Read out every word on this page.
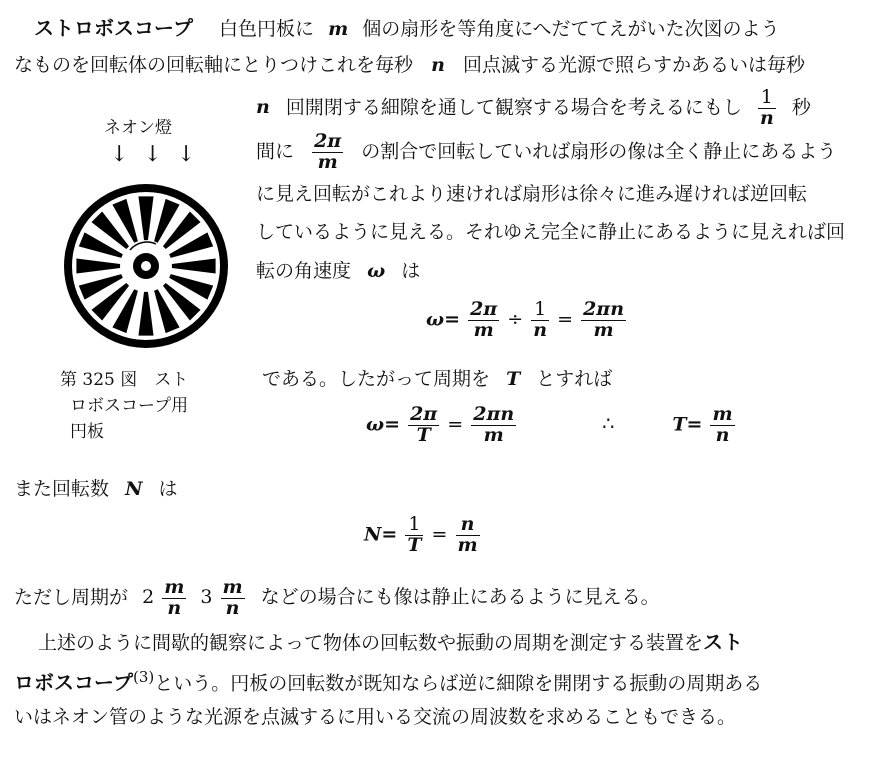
ストロボスコープ 白色円板に m 個の扇形を等角度にへだててえがいた次図のよう
なものを回転体の回転軸にとりつけこれを毎秒 n 回点滅する光源で照らすかあるいは毎秒
n 回開閉する細隙を通して観察する場合を考えるにもし $\frac{1}{n}$ 秒
間に $\frac{2\pi}{m}$ の割合で回転していれば扇形の像は全く静止にあるよう
に見え回転がこれより速ければ扇形は徐々に進み遅ければ逆回転
しているように見える。それゆえ完全に静止にあるように見えれば回
転の角速度 ω は
$\omega= \frac{2\pi}{m} \div \frac{1}{n} = \frac{2\pi n}{m}$
である。したがって周期を T とすれば
$\omega= \frac{2\pi}{T} = \frac{2\pi n}{m}$	∴	$T= \frac{m}{n}$
また回転数 N は
$N= \frac{1}{T} = \frac{n}{m}$
ただし周期が $2 \frac{m}{n} 3 \frac{m}{n}$ などの場合にも像は静止にあるように見える。
上述のように間歇的観察によって物体の回転数や振動の周期を測定する装置をスト
ロボスコープ$^{(3)}$という。円板の回転数が既知ならば逆に細隙を開閉する振動の周期ある
いはネオン管のような光源を点滅するに用いる交流の周波数を求めることもできる。
ネオン燈
↓ ↓ ↓
第 325 図　スト
ロボスコープ用
円板
